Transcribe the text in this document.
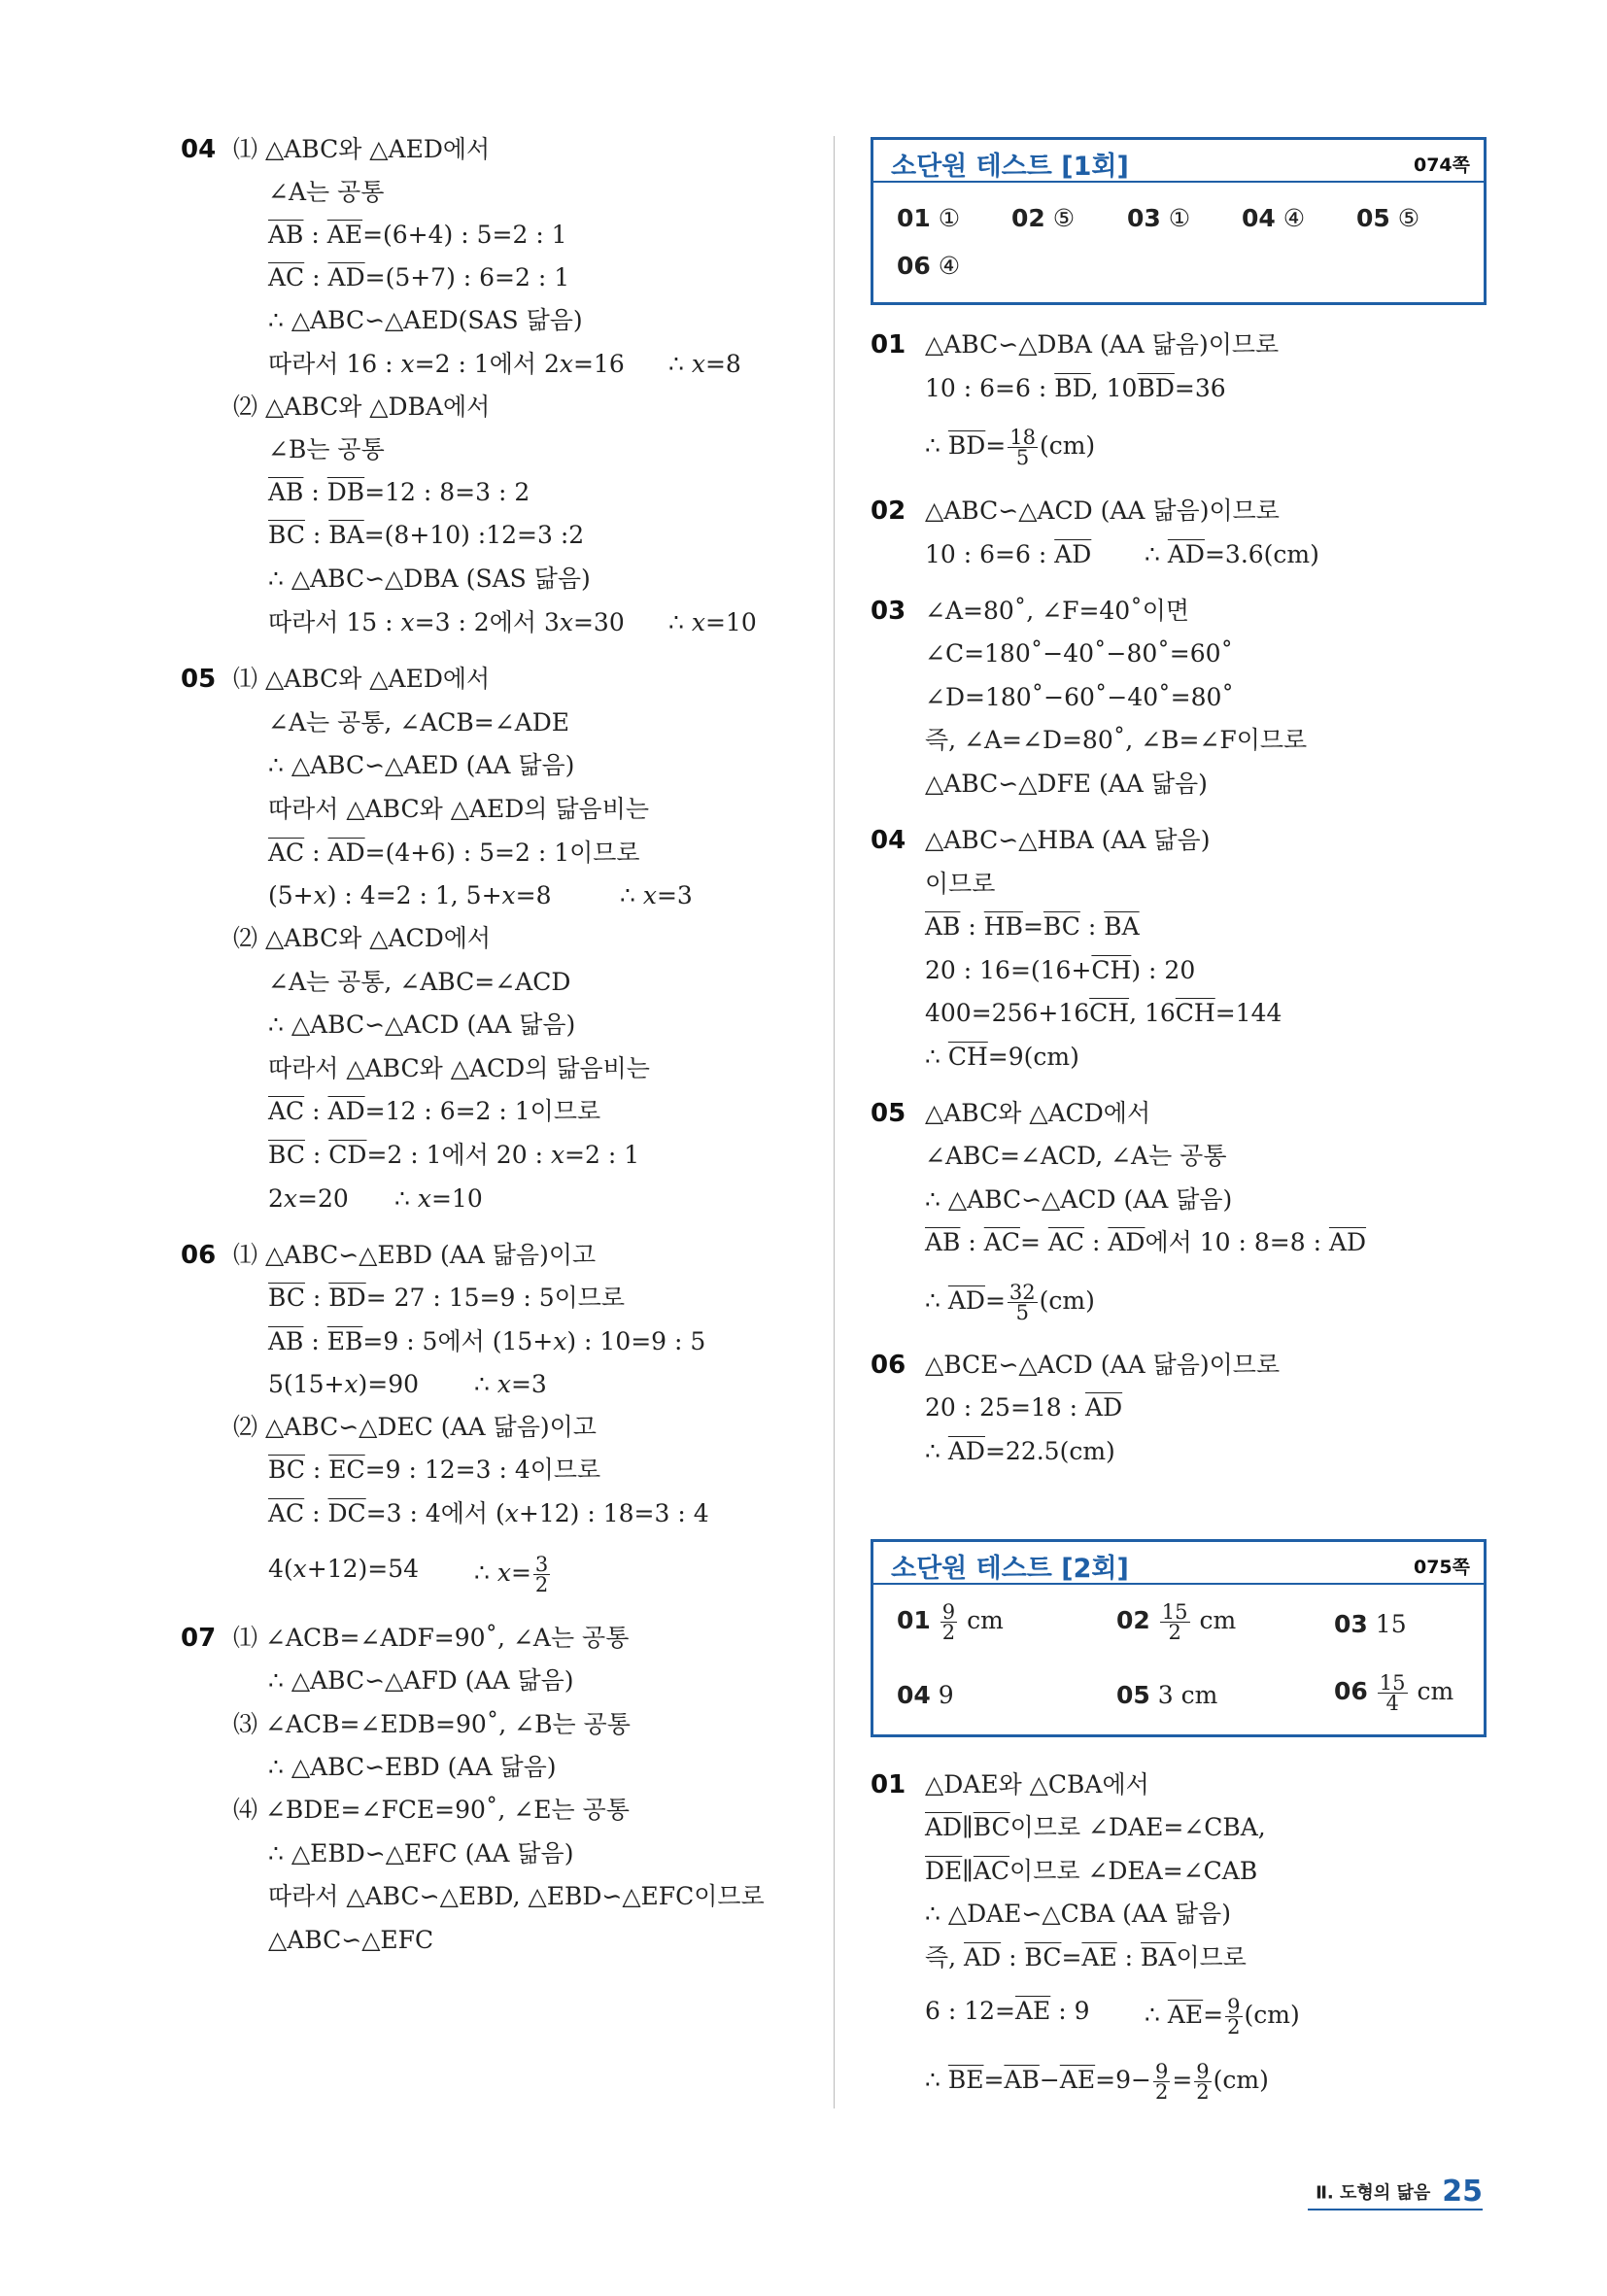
04 ⑴ △ABC와 △AED에서
∠A는 공통
$\overline{AB}$ : $\overline{AE}=(6+4)$ : 5=2 : 1
$\overline{AC}$ : $\overline{AD}=(5+7)$ : 6=2 : 1
∴ △ABC∽△AED(SAS 닮음)
따라서 16 : x=2 : 1에서 2x=16 ∴ x=8
⑵ △ABC와 △DBA에서
∠B는 공통
$\overline{AB}$ : $\overline{DB}=12$ : 8=3 : 2
$\overline{BC}$ : $\overline{BA}=(8+10)$ :12=3 :2
∴ △ABC∽△DBA (SAS 닮음)
따라서 15 : x=3 : 2에서 3x=30 ∴ x=10
05 ⑴ △ABC와 △AED에서
∠A는 공통, ∠ACB=∠ADE
∴ △ABC∽△AED (AA 닮음)
따라서 △ABC와 △AED의 닮음비는
$\overline{AC}$ : $\overline{AD}=(4+6)$ : 5=2 : 1이므로
(5+x) : 4=2 : 1, 5+x=8	∴ x=3
⑵ △ABC와 △ACD에서
∠A는 공통, ∠ABC=∠ACD
∴ △ABC∽△ACD (AA 닮음)
따라서 △ABC와 △ACD의 닮음비는
$\overline{AC}$ : $\overline{AD}=12$ : 6=2 : 1이므로
$\overline{BC}$ : $\overline{CD}=2$ : 1에서 20 : x=2 : 1
2x=20 ∴ x=10
06 ⑴ △ABC∽△EBD (AA 닮음)이고
$\overline{BC}$ : $\overline{BD}= 27$ : 15=9 : 5이므로
$\overline{AB}$ : $\overline{EB}=9$ : 5에서 (15+x) : 10=9 : 5
5(15+x)=90 ∴ x=3
⑵ △ABC∽△DEC (AA 닮음)이고
$\overline{BC}$ : $\overline{EC}=9$ : 12=3 : 4이므로
$\overline{AC}$ : $\overline{DC}=3$ : 4에서 (x+12) : 18=3 : 4
4(x+12)=54 ∴ $x= \frac{3}{2}$
07 ⑴ ∠ACB=∠ADF=90˚, ∠A는 공통
∴ △ABC∽△AFD (AA 닮음)
⑶ ∠ACB=∠EDB=90˚, ∠B는 공통
∴ △ABC∽EBD (AA 닮음)
⑷ ∠BDE=∠FCE=90˚, ∠E는 공통
∴ △EBD∽△EFC (AA 닮음)
따라서 △ABC∽△EBD, △EBD∽△EFC이므로
△ABC∽△EFC
소단원 테스트 [1회]	074쪽
01 ① 02 ⑤ 03 ① 04 ④ 05 ⑤
06 ④
01 △ABC∽△DBA (AA 닮음)이므로
10 : 6=6 : $\overline{BD}$, $10\overline{BD}=36$
∴ $\overline{BD}= \frac{18}{5} (cm)$
02 △ABC∽△ACD (AA 닮음)이므로
10 : 6=6 : $\overline{AD}$ ∴ $\overline{AD}=3.6(cm)$
03 ∠A=80˚, ∠F=40˚이면
∠C=180˚−40˚−80˚=60˚
∠D=180˚−60˚−40˚=80˚
즉, ∠A=∠D=80˚, ∠B=∠F이므로
△ABC∽△DFE (AA 닮음)
04 △ABC∽△HBA (AA 닮음)
이므로
$\overline{AB}$ : $\overline{HB}=\overline{BC}$ : $\overline{BA}$
20 : $16=(16+\overline{CH})$ : 20
$400=256+16\overline{CH}$, $16\overline{CH}=144$
∴ $\overline{CH}=9(cm)$
05 △ABC와 △ACD에서
∠ABC=∠ACD, ∠A는 공통
∴ △ABC∽△ACD (AA 닮음)
$\overline{AB}$ : $\overline{AC}= \overline{AC}$ : $\overline{AD}$에서 10 : 8=8 : $\overline{AD}$
∴ $\overline{AD}= \frac{32}{5} (cm)$
06 △BCE∽△ACD (AA 닮음)이므로
20 : 25=18 : $\overline{AD}$
∴ $\overline{AD}=22.5(cm)$
소단원 테스트 [2회]	075쪽
$01 \frac{9}{2}$ cm	$02 \frac{15}{2}$ cm	03 15
04 9	05 3 cm	$06 \frac{15}{4}$ cm
01 △DAE와 △CBA에서
$\overline{AD}\parallel\overline{BC}$이므로 ∠DAE=∠CBA,
$\overline{DE}\parallel\overline{AC}$이므로 ∠DEA=∠CAB
∴ △DAE∽△CBA (AA 닮음)
즉, $\overline{AD}$ : $\overline{BC}=\overline{AE}$ : $\overline{BA}$이므로
6 : $12=\overline{AE}$ : 9 ∴ $\overline{AE}= \frac{9}{2} (cm)$
∴ $\overline{BE}=\overline{AB}-\overline{AE}=9- \frac{9}{2} = \frac{9}{2} (cm)$
Ⅱ. 도형의 닮음 25
